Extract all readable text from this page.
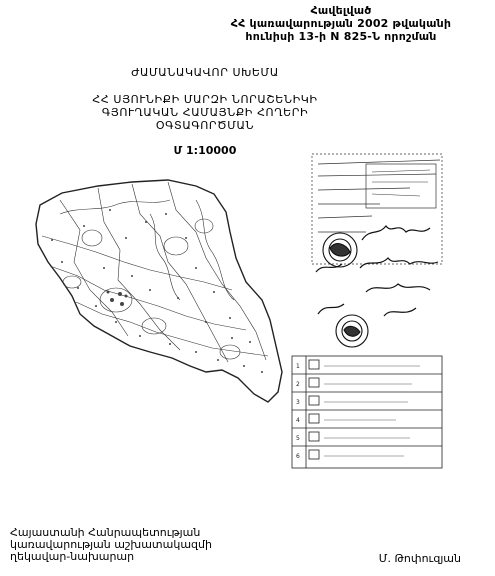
Հավելված
ՀՀ կառավարության 2002 թվականի
հունիսի 13-ի N 825-Ն որոշման
ԺԱՄԱՆԱԿԱՎՈՐ ՍԽԵՄԱ
ՀՀ ՍՅՈՒՆԻՔԻ ՄԱՐԶԻ ՆՈՐԱՇԵՆԻԿԻ
ԳՅՈՒՂԱԿԱՆ ՀԱՄԱՅՆՔԻ ՀՈՂԵՐԻ
ՕԳՏԱԳՈՐԾՄԱՆ
Մ 1:10000
1
2
3
4
5
6
Հայաստանի Հանրապետության
կառավարության աշխատակազմի
ղեկավար-նախարար	Մ. Թոփուզյան
